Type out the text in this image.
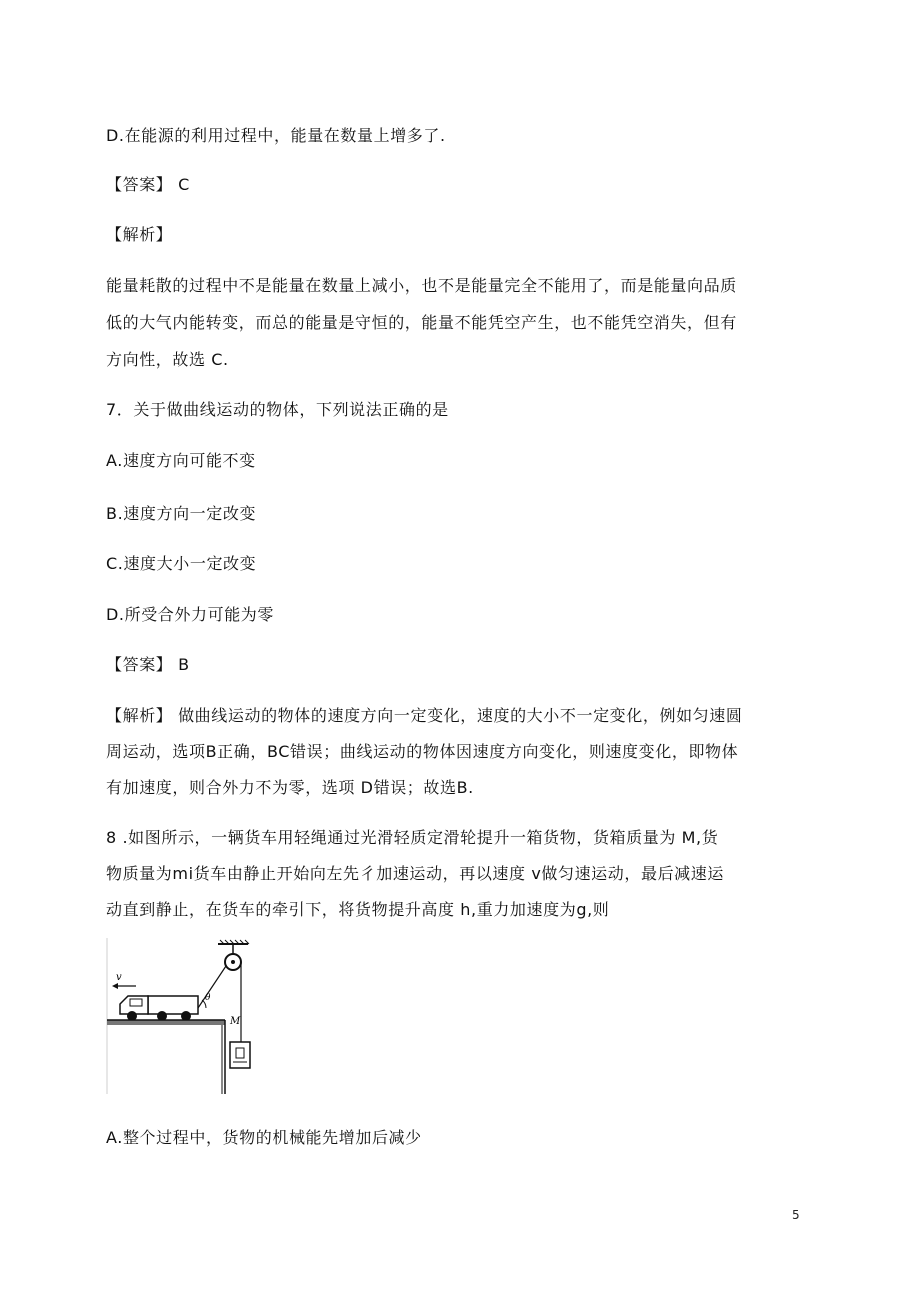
D.在能源的利用过程中，能量在数量上增多了.
【答案】 C
【解析】
能量耗散的过程中不是能量在数量上减小，也不是能量完全不能用了，而是能量向品质
低的大气内能转变，而总的能量是守恒的，能量不能凭空产生，也不能凭空消失，但有
方向性，故选 C.
7．关于做曲线运动的物体，下列说法正确的是
A.速度方向可能不变
B.速度方向一定改变
C.速度大小一定改变
D.所受合外力可能为零
【答案】 B
【解析】 做曲线运动的物体的速度方向一定变化，速度的大小不一定变化，例如匀速圆
周运动，选项B正确，BC错误；曲线运动的物体因速度方向变化，则速度变化，即物体
有加速度，则合外力不为零，选项 D错误；故选B.
8 .如图所示，一辆货车用轻绳通过光滑轻质定滑轮提升一箱货物，货箱质量为 M,货
物质量为mi货车由静止开始向左先彳加速运动，再以速度 v做匀速运动，最后减速运
动直到静止，在货车的牵引下，将货物提升高度 h,重力加速度为g,则
θ
v
M
A.整个过程中，货物的机械能先增加后减少
5
